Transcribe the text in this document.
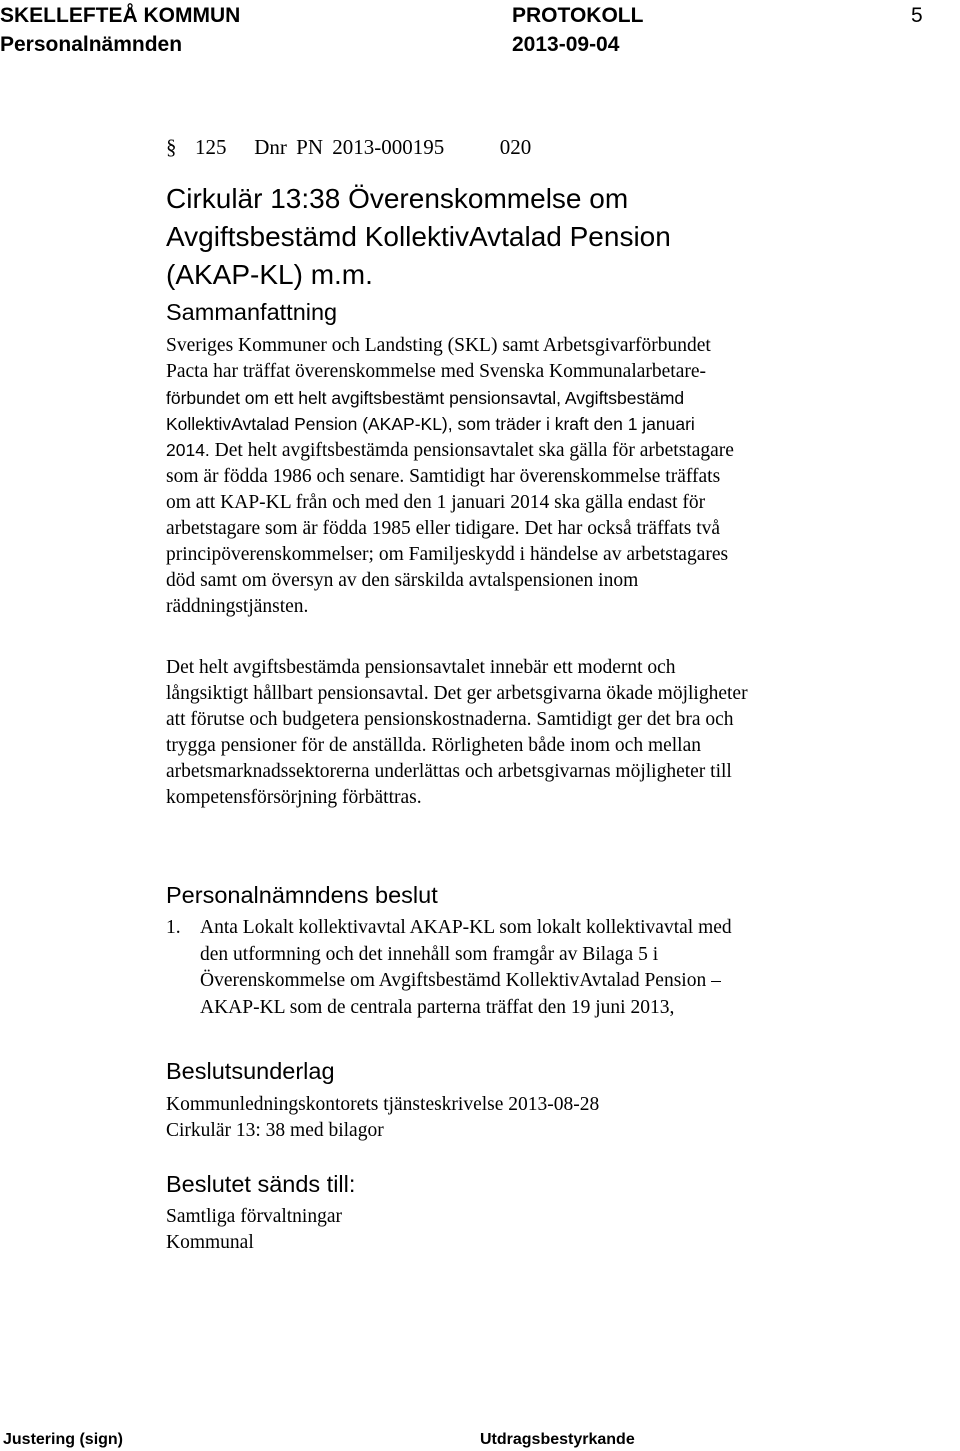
SKELLEFTEÅ KOMMUN	PROTOKOLL	5
Personalnämnden	2013-09-04
§ 125 Dnr PN 2013-000195	020
Cirkulär 13:38 Överenskommelse om
Avgiftsbestämd KollektivAvtalad Pension
(AKAP-KL) m.m.
Sammanfattning
Sveriges Kommuner och Landsting (SKL) samt Arbetsgivarförbundet
Pacta har träffat överenskommelse med Svenska Kommunalarbetare-
förbundet om ett helt avgiftsbestämt pensionsavtal, Avgiftsbestämd
KollektivAvtalad Pension (AKAP-KL), som träder i kraft den 1 januari
2014. Det helt avgiftsbestämda pensionsavtalet ska gälla för arbetstagare
som är födda 1986 och senare. Samtidigt har överenskommelse träffats
om att KAP-KL från och med den 1 januari 2014 ska gälla endast för
arbetstagare som är födda 1985 eller tidigare. Det har också träffats två
principöverenskommelser; om Familjeskydd i händelse av arbetstagares
död samt om översyn av den särskilda avtalspensionen inom
räddningstjänsten.
Det helt avgiftsbestämda pensionsavtalet innebär ett modernt och
långsiktigt hållbart pensionsavtal. Det ger arbetsgivarna ökade möjligheter
att förutse och budgetera pensionskostnaderna. Samtidigt ger det bra och
trygga pensioner för de anställda. Rörligheten både inom och mellan
arbetsmarknadssektorerna underlättas och arbetsgivarnas möjligheter till
kompetensförsörjning förbättras.
Personalnämndens beslut
1. Anta Lokalt kollektivavtal AKAP-KL som lokalt kollektivavtal med
den utformning och det innehåll som framgår av Bilaga 5 i
Överenskommelse om Avgiftsbestämd KollektivAvtalad Pension –
AKAP-KL som de centrala parterna träffat den 19 juni 2013,
Beslutsunderlag
Kommunledningskontorets tjänsteskrivelse 2013-08-28
Cirkulär 13: 38 med bilagor
Beslutet sänds till:
Samtliga förvaltningar
Kommunal
Justering (sign)	Utdragsbestyrkande
